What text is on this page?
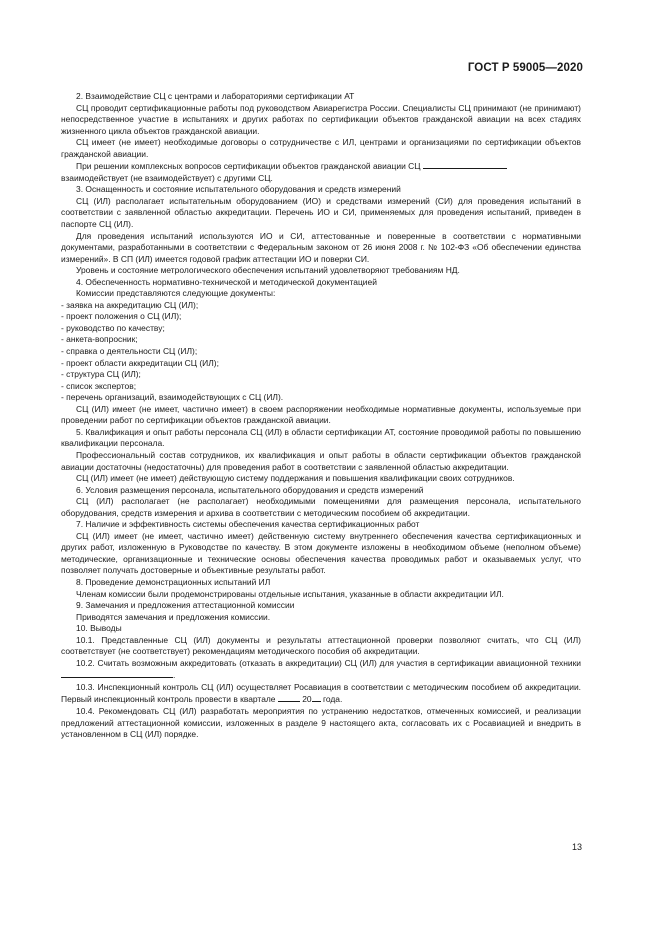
ГОСТ Р 59005—2020

2. Взаимодействие СЦ с центрами и лабораториями сертификации АТ

СЦ проводит сертификационные работы под руководством Авиарегистра России. Специалисты СЦ принимают (не принимают) непосредственное участие в испытаниях и других работах по сертификации объектов гражданской авиации на всех стадиях жизненного цикла объектов гражданской авиации.

СЦ имеет (не имеет) необходимые договоры о сотрудничестве с ИЛ, центрами и организациями по сертификации объектов гражданской авиации.

При решении комплексных вопросов сертификации объектов гражданской авиации СЦ

взаимодействует (не взаимодействует) с другими СЦ.

3. Оснащенность и состояние испытательного оборудования и средств измерений

СЦ (ИЛ) располагает испытательным оборудованием (ИО) и средствами измерений (СИ) для проведения испытаний в соответствии с заявленной областью аккредитации. Перечень ИО и СИ, применяемых для проведения испытаний, приведен в паспорте СЦ (ИЛ).

Для проведения испытаний используются ИО и СИ, аттестованные и поверенные в соответствии с нормативными документами, разработанными в соответствии с Федеральным законом от 26 июня 2008 г. № 102-ФЗ «Об обеспечении единства измерений». В СП (ИЛ) имеется годовой график аттестации ИО и поверки СИ.

Уровень и состояние метрологического обеспечения испытаний удовлетворяют требованиям НД.

4. Обеспеченность нормативно-технической и методической документацией

Комиссии представляются следующие документы:

- заявка на аккредитацию СЦ (ИЛ);

- проект положения о СЦ (ИЛ);

- руководство по качеству;

- анкета-вопросник;

- справка о деятельности СЦ (ИЛ);

- проект области аккредитации СЦ (ИЛ);

- структура СЦ (ИЛ);

- список экспертов;

- перечень организаций, взаимодействующих с СЦ (ИЛ).

СЦ (ИЛ) имеет (не имеет, частично имеет) в своем распоряжении необходимые нормативные документы, используемые при проведении работ по сертификации объектов гражданской авиации.

5. Квалификация и опыт работы персонала СЦ (ИЛ) в области сертификации АТ, состояние проводимой работы по повышению квалификации персонала.

Профессиональный состав сотрудников, их квалификация и опыт работы в области сертификации объектов гражданской авиации достаточны (недостаточны) для проведения работ в соответствии с заявленной областью аккредитации.

СЦ (ИЛ) имеет (не имеет) действующую систему поддержания и повышения квалификации своих сотрудников.

6. Условия размещения персонала, испытательного оборудования и средств измерений

СЦ (ИЛ) располагает (не располагает) необходимыми помещениями для размещения персонала, испытательного оборудования, средств измерения и архива в соответствии с методическим пособием об аккредитации.

7. Наличие и эффективность системы обеспечения качества сертификационных работ

СЦ (ИЛ) имеет (не имеет, частично имеет) действенную систему внутреннего обеспечения качества сертификационных и других работ, изложенную в Руководстве по качеству. В этом документе изложены в необходимом объеме (неполном объеме) методические, организационные и технические основы обеспечения качества проводимых работ и оказываемых услуг, что позволяет получать достоверные и объективные результаты работ.

8. Проведение демонстрационных испытаний ИЛ

Членам комиссии были продемонстрированы отдельные испытания, указанные в области аккредитации ИЛ.

9. Замечания и предложения аттестационной комиссии

Приводятся замечания и предложения комиссии.

10. Выводы

10.1. Представленные СЦ (ИЛ) документы и результаты аттестационной проверки позволяют считать, что СЦ (ИЛ) соответствует (не соответствует) рекомендациям методического пособия об аккредитации.

10.2. Считать возможным аккредитовать (отказать в аккредитации) СЦ (ИЛ) для участия в сертификации авиационной техники .

10.3. Инспекционный контроль СЦ (ИЛ) осуществляет Росавиация в соответствии с методическим пособием об аккредитации. Первый инспекционный контроль провести в квартале	20 года.

10.4. Рекомендовать СЦ (ИЛ) разработать мероприятия по устранению недостатков, отмеченных комиссией, и реализации предложений аттестационной комиссии, изложенных в разделе 9 настоящего акта, согласовать их с Росавиацией и внедрить в установленном в СЦ (ИЛ) порядке.

13
